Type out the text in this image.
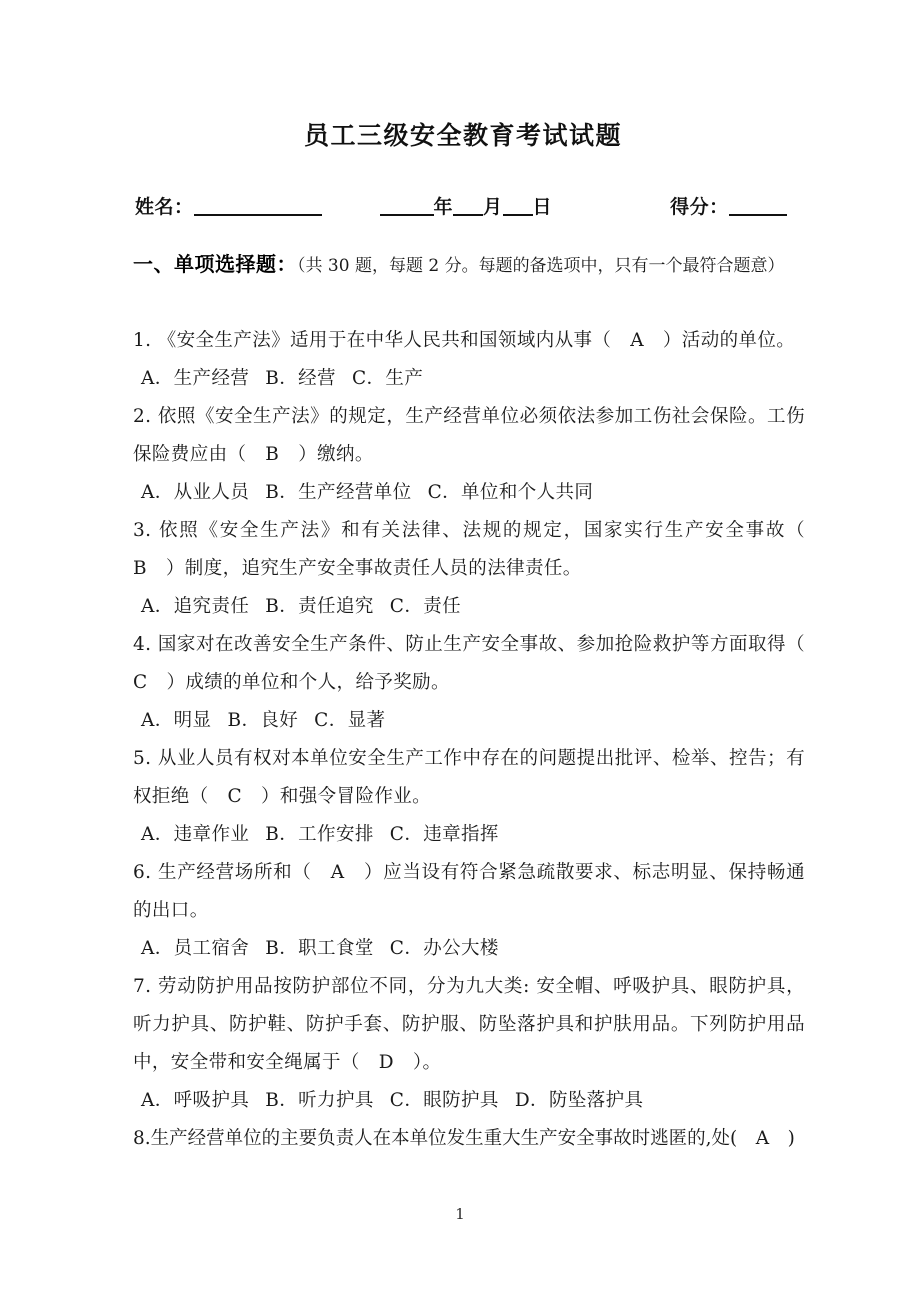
员工三级安全教育考试试题
姓名：	年 月 日	得分：
一、单项选择题：（共 30 题，每题 2 分。每题的备选项中，只有一个最符合题意）

1. 《安全生产法》适用于在中华人民共和国领域内从事（　A　）活动的单位。

A．生产经营 B．经营 C．生产

2. 依照《安全生产法》的规定，生产经营单位必须依法参加工伤社会保险。工伤保险费应由（　B　）缴纳。

A．从业人员 B．生产经营单位 C．单位和个人共同

3. 依照《安全生产法》和有关法律、法规的规定，国家实行生产安全事故（　B　）制度，追究生产安全事故责任人员的法律责任。

A．追究责任 B．责任追究 C．责任

4. 国家对在改善安全生产条件、防止生产安全事故、参加抢险救护等方面取得（　C　）成绩的单位和个人，给予奖励。

A．明显 B．良好 C．显著

5. 从业人员有权对本单位安全生产工作中存在的问题提出批评、检举、控告；有权拒绝（　C　）和强令冒险作业。

A．违章作业 B．工作安排 C．违章指挥

6. 生产经营场所和（　A　）应当设有符合紧急疏散要求、标志明显、保持畅通的出口。

A．员工宿舍 B．职工食堂 C．办公大楼

7. 劳动防护用品按防护部位不同，分为九大类: 安全帽、呼吸护具、眼防护具，听力护具、防护鞋、防护手套、防护服、防坠落护具和护肤用品。下列防护用品中，安全带和安全绳属于（　D　）。

A．呼吸护具 B．听力护具 C．眼防护具 D．防坠落护具

8.生产经营单位的主要负责人在本单位发生重大生产安全事故时逃匿的,处(　A　)

1
